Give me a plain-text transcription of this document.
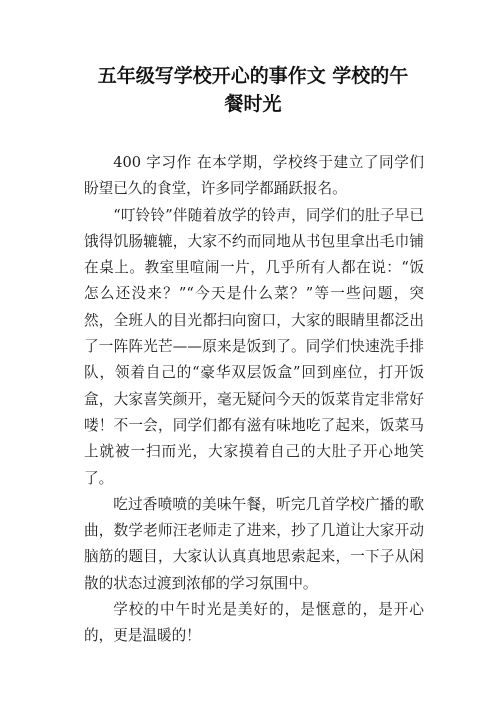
五年级写学校开心的事作文 学校的午
餐时光

400 字习作 在本学期，学校终于建立了同学们盼望已久的食堂，许多同学都踊跃报名。

“叮铃铃”伴随着放学的铃声，同学们的肚子早已饿得饥肠辘辘，大家不约而同地从书包里拿出毛巾铺在桌上。教室里喧闹一片，几乎所有人都在说：“饭怎么还没来？”“今天是什么菜？”等一些问题，突然，全班人的目光都扫向窗口，大家的眼睛里都泛出了一阵阵光芒——原来是饭到了。同学们快速洗手排队，领着自己的“豪华双层饭盒”回到座位，打开饭盒，大家喜笑颜开，毫无疑问今天的饭菜肯定非常好喽！不一会，同学们都有滋有味地吃了起来，饭菜马上就被一扫而光，大家摸着自己的大肚子开心地笑了。

吃过香喷喷的美味午餐，听完几首学校广播的歌曲，数学老师汪老师走了进来，抄了几道让大家开动脑筋的题目，大家认认真真地思索起来，一下子从闲散的状态过渡到浓郁的学习氛围中。

学校的中午时光是美好的，是惬意的，是开心的，更是温暖的！
